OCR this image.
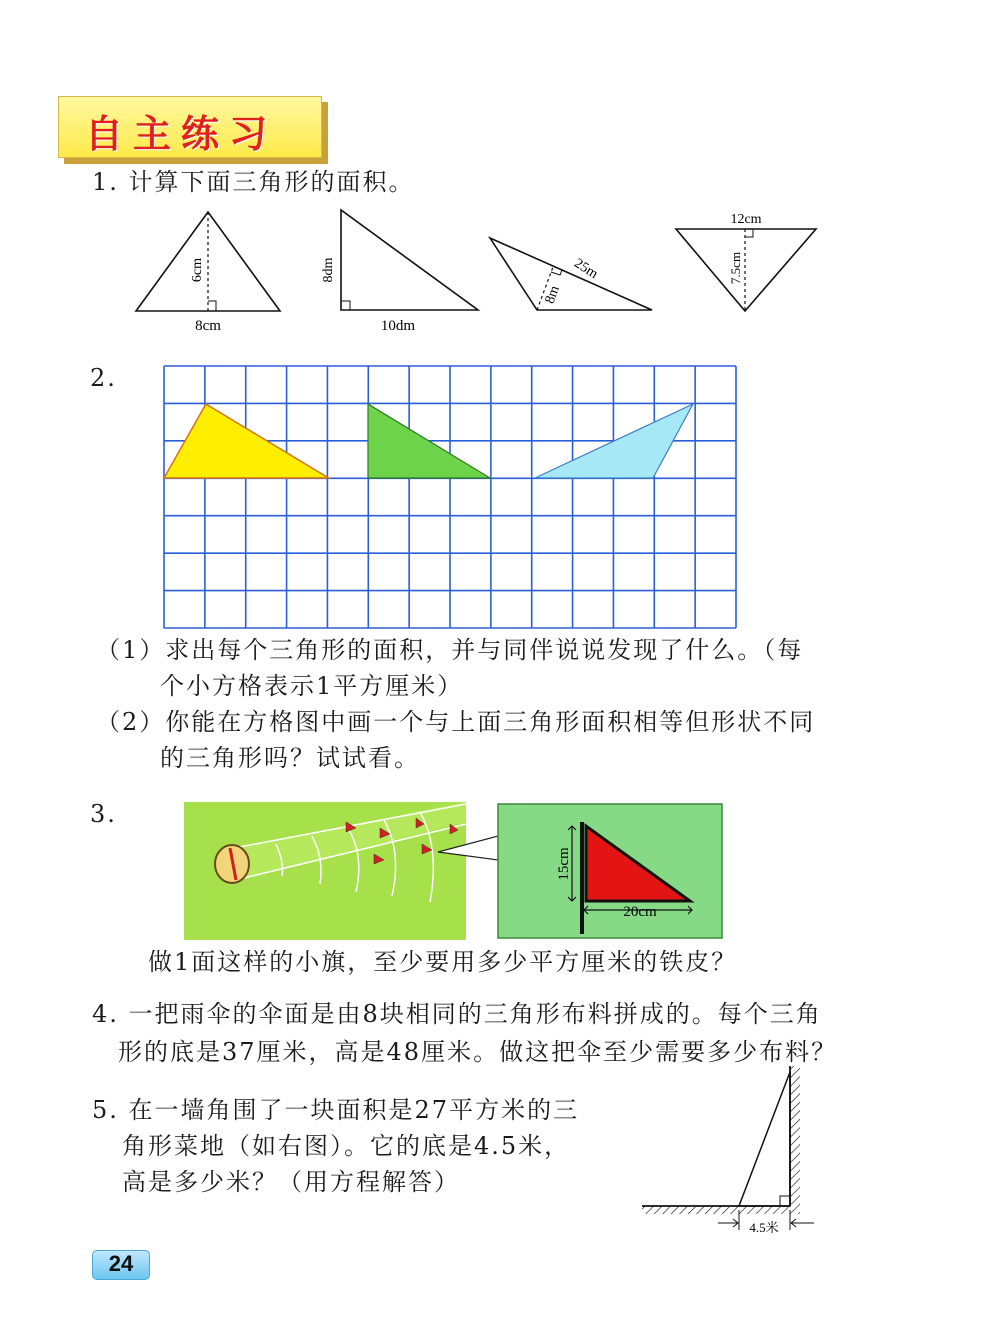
自主练习
1. 计算下面三角形的面积。
6cm
8cm
8dm
10dm
25m
8m
12cm
7.5cm
2.
（1）求出每个三角形的面积，并与同伴说说发现了什么。（每
个小方格表示1平方厘米）
（2）你能在方格图中画一个与上面三角形面积相等但形状不同
的三角形吗？试试看。
3.
15cm
20cm
做1面这样的小旗，至少要用多少平方厘米的铁皮？
4. 一把雨伞的伞面是由8块相同的三角形布料拼成的。每个三角
形的底是37厘米，高是48厘米。做这把伞至少需要多少布料？
5. 在一墙角围了一块面积是27平方米的三
角形菜地（如右图）。它的底是4.5米，
高是多少米？（用方程解答）
4.5米
24
